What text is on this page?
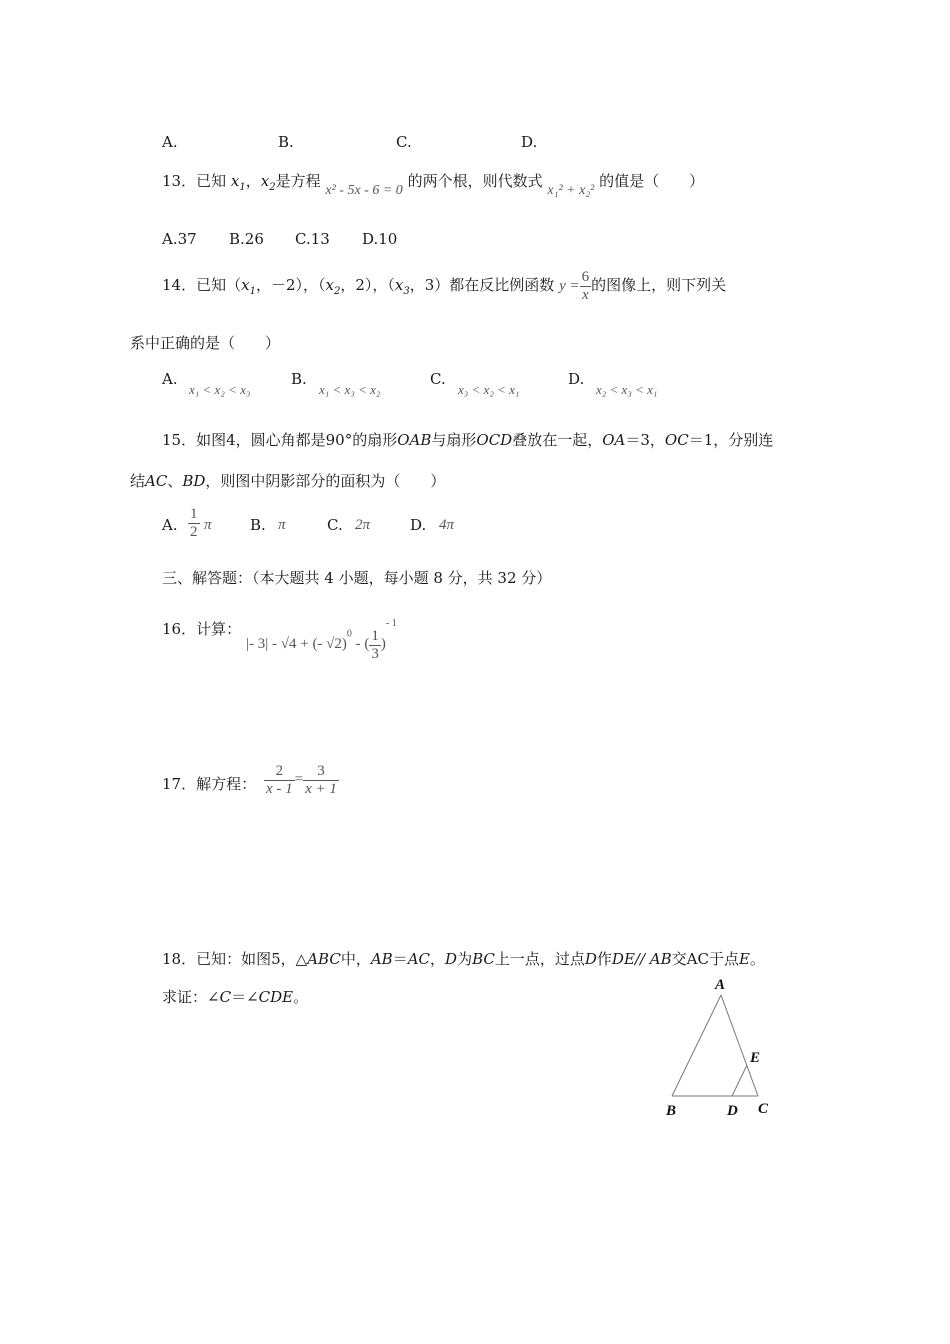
A.	B.	C.	D.
13．已知 $x_1$，$x_2$是方程 x² - 5x - 6 = 0 的两个根，则代数式 x₁² + x₂² 的值是（　　）
A.37 B.26 C.13 D.10
14．已知（$x_1$，－2），（$x_2$，2），（$x_3$，3）都在反比例函数 $y = \frac{6}{x}$ 的图像上，则下列关
系中正确的是（　　）
A.
x₁ < x₂ < x₃
B.
x₁ < x₃ < x₂
C.
x₃ < x₂ < x₁
D.
x₂ < x₃ < x₁
15．如图4，圆心角都是90°的扇形OAB与扇形OCD叠放在一起，OA＝3，OC＝1，分别连
结AC、BD，则图中阴影部分的面积为（　　）
A. $\frac{1}{2}$ π	B. π	C. 2π	D. 4π
三、解答题：（本大题共 4 小题，每小题 8 分，共 32 分）
16．计算：
|- 3| - √4 + (- √2)$^0$ - ( $\frac{1}{3} )^{- 1}$
17．解方程： $\frac{2}{x - 1} = \frac{3}{x + 1}$
18．已知：如图5，△ABC中，AB＝AC，D为BC上一点，过点D作DE// AB交AC于点E。
求证：∠C＝∠CDE。
A
E
B	D C
